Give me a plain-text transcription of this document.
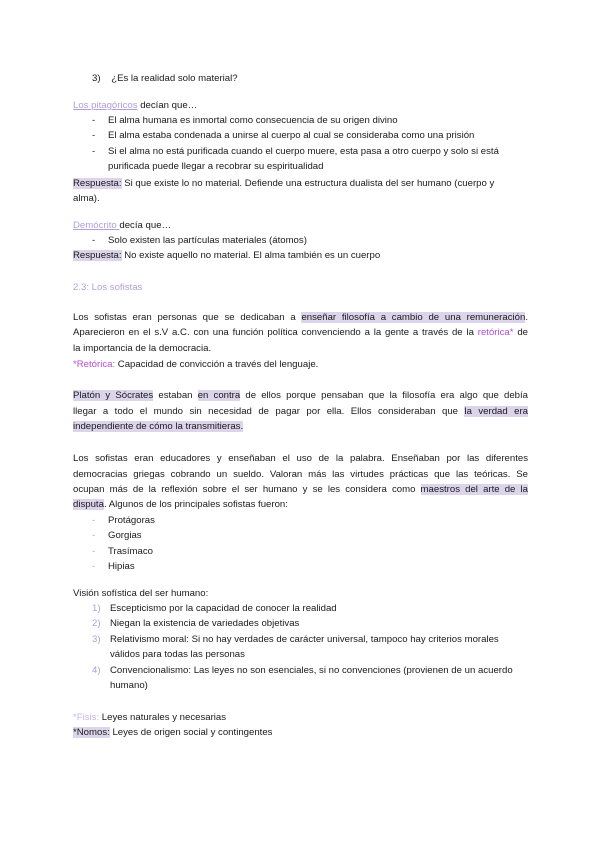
3) ¿Es la realidad solo material?
Los pitagóricos decían que…
- El alma humana es inmortal como consecuencia de su origen divino
- El alma estaba condenada a unirse al cuerpo al cual se consideraba como una prisión
- Si el alma no está purificada cuando el cuerpo muere, esta pasa a otro cuerpo y solo si está
purificada puede llegar a recobrar su espiritualidad
Respuesta: Si que existe lo no material. Defiende una estructura dualista del ser humano (cuerpo y
alma).
Demócrito decía que…
- Solo existen las partículas materiales (átomos)
Respuesta: No existe aquello no material. El alma también es un cuerpo
2.3: Los sofistas
Los sofistas eran personas que se dedicaban a enseñar filosofía a cambio de una remuneración.
Aparecieron en el s.V a.C. con una función política convenciendo a la gente a través de la retórica* de
la importancia de la democracia.
*Retórica: Capacidad de convicción a través del lenguaje.
Platón y Sócrates estaban en contra de ellos porque pensaban que la filosofía era algo que debía
llegar a todo el mundo sin necesidad de pagar por ella. Ellos consideraban que la verdad era
independiente de cómo la transmitieras.
Los sofistas eran educadores y enseñaban el uso de la palabra. Enseñaban por las diferentes
democracias griegas cobrando un sueldo. Valoran más las virtudes prácticas que las teóricas. Se
ocupan más de la reflexión sobre el ser humano y se les considera como maestros del arte de la
disputa. Algunos de los principales sofistas fueron:
- Protágoras
- Gorgias
- Trasímaco
- Hipias
Visión sofística del ser humano:
1) Escepticismo por la capacidad de conocer la realidad
2) Niegan la existencia de variedades objetivas
3) Relativismo moral: Si no hay verdades de carácter universal, tampoco hay criterios morales
válidos para todas las personas
4) Convencionalismo: Las leyes no son esenciales, si no convenciones (provienen de un acuerdo
humano)
*Fisis: Leyes naturales y necesarias
*Nomos: Leyes de origen social y contingentes
